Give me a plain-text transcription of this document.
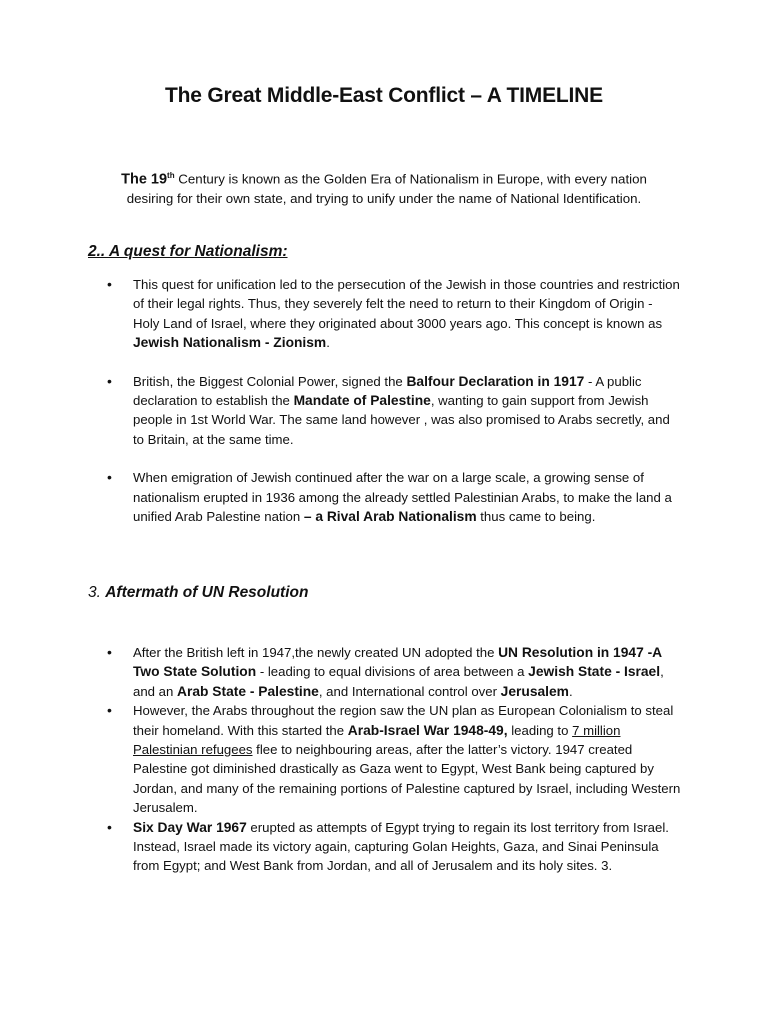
The Great Middle-East Conflict – A TIMELINE
The 19th Century is known as the Golden Era of Nationalism in Europe, with every nation desiring for their own state, and trying to unify under the name of National Identification.
2.. A quest for Nationalism:
• This quest for unification led to the persecution of the Jewish in those countries and restriction of their legal rights. Thus, they severely felt the need to return to their Kingdom of Origin - Holy Land of Israel, where they originated about 3000 years ago. This concept is known as Jewish Nationalism - Zionism.
• British, the Biggest Colonial Power, signed the Balfour Declaration in 1917 - A public declaration to establish the Mandate of Palestine, wanting to gain support from Jewish people in 1st World War. The same land however , was also promised to Arabs secretly, and to Britain, at the same time.
• When emigration of Jewish continued after the war on a large scale, a growing sense of nationalism erupted in 1936 among the already settled Palestinian Arabs, to make the land a unified Arab Palestine nation – a Rival Arab Nationalism thus came to being.
3. Aftermath of UN Resolution
• After the British left in 1947,the newly created UN adopted the UN Resolution in 1947 -A Two State Solution - leading to equal divisions of area between a Jewish State - Israel, and an Arab State - Palestine, and International control over Jerusalem.
• However, the Arabs throughout the region saw the UN plan as European Colonialism to steal their homeland. With this started the Arab-Israel War 1948-49, leading to 7 million Palestinian refugees flee to neighbouring areas, after the latter’s victory. 1947 created Palestine got diminished drastically as Gaza went to Egypt, West Bank being captured by Jordan, and many of the remaining portions of Palestine captured by Israel, including Western Jerusalem.
• Six Day War 1967 erupted as attempts of Egypt trying to regain its lost territory from Israel. Instead, Israel made its victory again, capturing Golan Heights, Gaza, and Sinai Peninsula from Egypt; and West Bank from Jordan, and all of Jerusalem and its holy sites. 3.
